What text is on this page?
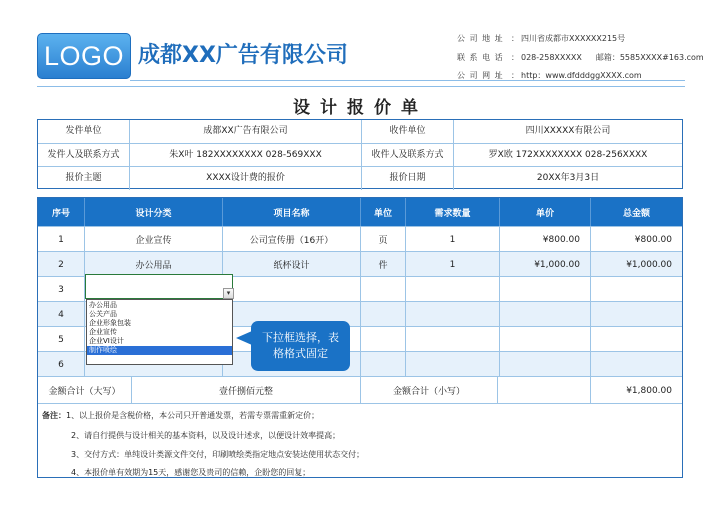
LOGO 成都XX广告有限公司
公 司 地 址 ： 四川省成都市XXXXXX215号
联 系 电 话 ： 028-258XXXXX 邮箱：5585XXXX#163.com
公 司 网 址 ： http：www.dfdddggXXXX.com
设计报价单
发件单位	成都XX广告有限公司	收件单位	四川XXXXX有限公司
发件人及联系方式	朱X叶 182XXXXXXXX 028-569XXX	收件人及联系方式	罗X欧 172XXXXXXXX 028-256XXXX
报价主题	XXXX设计费的报价	报价日期	20XX年3月3日
序号	设计分类	项目名称	单位	需求数量	单价	总金额
1	企业宣传	公司宣传册（16开）	页	1	¥800.00	¥800.00
2	办公用品	纸杯设计	件	1	¥1,000.00	¥1,000.00
3
4
5
6
金额合计（大写）	壹仟捌佰元整	金额合计（小写）	¥1,800.00
备注：1、以上报价是含税价格，本公司只开普通发票，若需专票需重新定价；
2、请自行提供与设计相关的基本资料，以及设计述求，以便设计效率提高；
3、交付方式：单纯设计类源文件交付，印刷喷绘类指定地点安装达使用状态交付；
4、本报价单有效期为15天，感谢您及贵司的信赖，企盼您的回复；
▾
办公用品
公关产品
企业形象包装
企业宣传
企业VI设计
制作喷绘
下拉框选择，表
格格式固定
